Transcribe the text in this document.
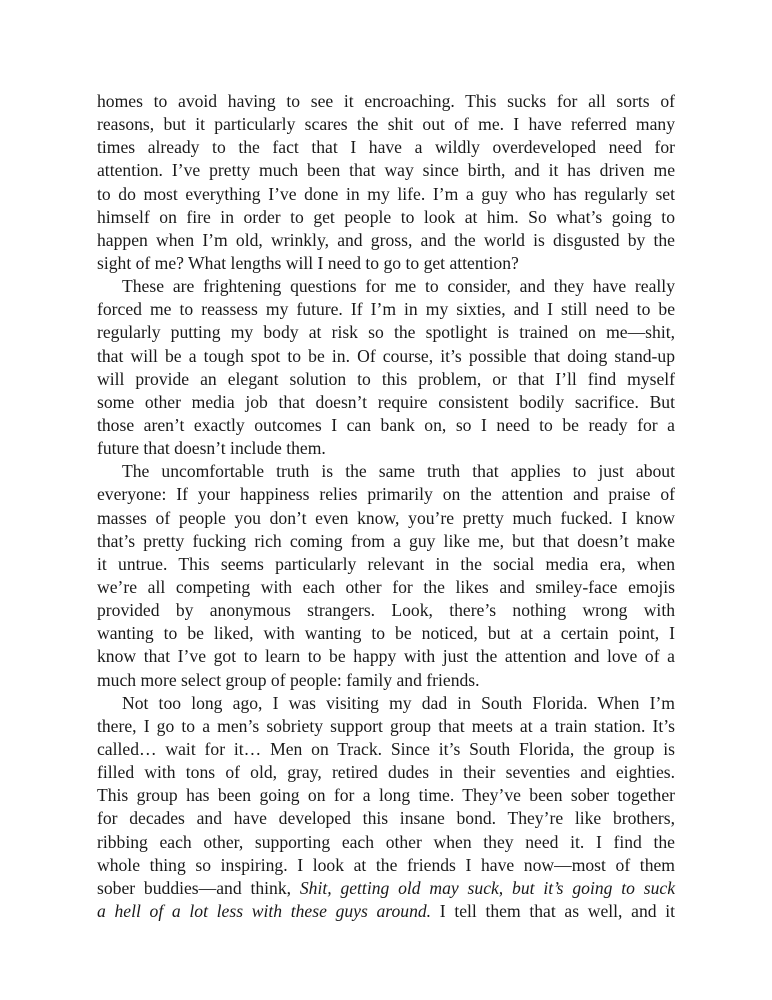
homes to avoid having to see it encroaching. This sucks for all sorts of
reasons, but it particularly scares the shit out of me. I have referred many
times already to the fact that I have a wildly overdeveloped need for
attention. I’ve pretty much been that way since birth, and it has driven me
to do most everything I’ve done in my life. I’m a guy who has regularly set
himself on fire in order to get people to look at him. So what’s going to
happen when I’m old, wrinkly, and gross, and the world is disgusted by the
sight of me? What lengths will I need to go to get attention?
These are frightening questions for me to consider, and they have really
forced me to reassess my future. If I’m in my sixties, and I still need to be
regularly putting my body at risk so the spotlight is trained on me—shit,
that will be a tough spot to be in. Of course, it’s possible that doing stand-up
will provide an elegant solution to this problem, or that I’ll find myself
some other media job that doesn’t require consistent bodily sacrifice. But
those aren’t exactly outcomes I can bank on, so I need to be ready for a
future that doesn’t include them.
The uncomfortable truth is the same truth that applies to just about
everyone: If your happiness relies primarily on the attention and praise of
masses of people you don’t even know, you’re pretty much fucked. I know
that’s pretty fucking rich coming from a guy like me, but that doesn’t make
it untrue. This seems particularly relevant in the social media era, when
we’re all competing with each other for the likes and smiley-face emojis
provided by anonymous strangers. Look, there’s nothing wrong with
wanting to be liked, with wanting to be noticed, but at a certain point, I
know that I’ve got to learn to be happy with just the attention and love of a
much more select group of people: family and friends.
Not too long ago, I was visiting my dad in South Florida. When I’m
there, I go to a men’s sobriety support group that meets at a train station. It’s
called… wait for it… Men on Track. Since it’s South Florida, the group is
filled with tons of old, gray, retired dudes in their seventies and eighties.
This group has been going on for a long time. They’ve been sober together
for decades and have developed this insane bond. They’re like brothers,
ribbing each other, supporting each other when they need it. I find the
whole thing so inspiring. I look at the friends I have now—most of them
sober buddies—and think, Shit, getting old may suck, but it’s going to suck
a hell of a lot less with these guys around. I tell them that as well, and it
